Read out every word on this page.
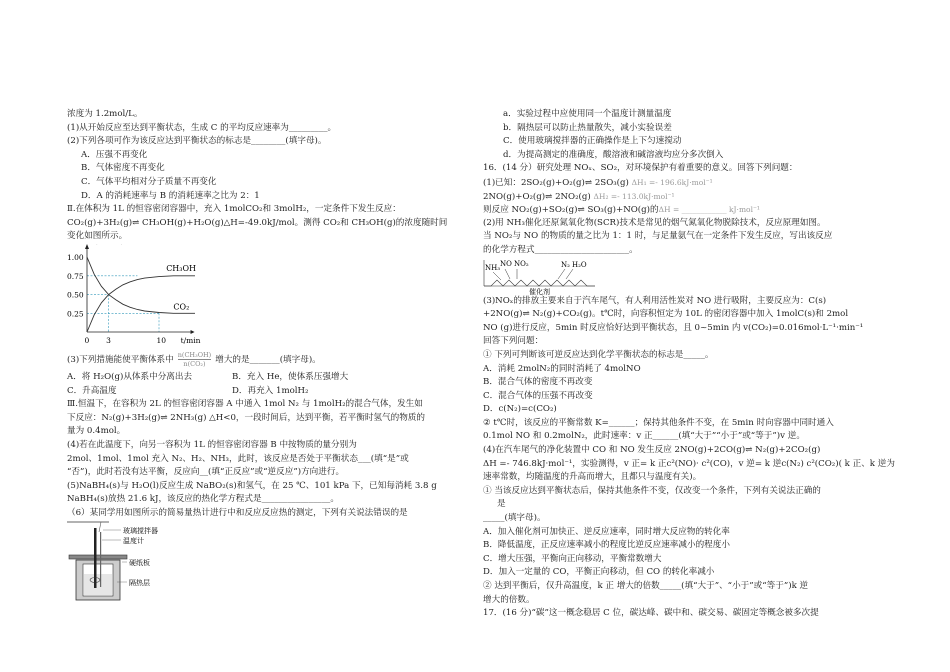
浓度为 1.2mol/L。
(1)从开始反应至达到平衡状态，生成 C 的平均反应速率为_________。
(2)下列各项可作为该反应达到平衡状态的标志是________(填字母)。
A．压强不再变化
B．气体密度不再变化
C．气体平均相对分子质量不再变化
D．A 的消耗速率与 B 的消耗速率之比为 2：1
Ⅱ.在体积为 1L 的恒容密闭容器中，充入 1molCO₂和 3molH₂，一定条件下发生反应：
CO₂(g)+3H₂(g)⇌ CH₃OH(g)+H₂O(g)△H=-49.0kJ/mol。测得 CO₂和 CH₃OH(g)的浓度随时间
变化如图所示。
1.00
0.75
0.50
0.25
0 3	10 t/min
CH₃OH
CO₂
(3)下列措施能使平衡体系中 $\frac{\text{n(CH₃OH)}}{\text{n(CO₂)}}$ 增大的是_______(填字母)。
A．将 H₂O(g)从体系中分离出去	B．充入 He，使体系压强增大
C．升高温度	D．再充入 1molH₂
Ⅲ.恒温下，在容积为 2L 的恒容密闭容器 A 中通入 1mol N₂ 与 1molH₂的混合气体，发生如
下反应：N₂(g)+3H₂(g)⇌ 2NH₃(g) △H<0，一段时间后，达到平衡，若平衡时氢气的物质的
量为 0.4mol。
(4)若在此温度下，向另一容积为 1L 的恒容密闭容器 B 中按物质的量分别为
2mol、1mol、1mol 充入 N₂、H₂、NH₃，此时，该反应是否处于平衡状态___(填“是”或
“否”)，此时若没有达平衡，反应向__(填“正反应”或“逆反应”)方向进行。
(5)NaBH₄(s)与 H₂O(l)反应生成 NaBO₂(s)和氢气，在 25 ℃、101 kPa 下，已知每消耗 3.8 g
NaBH₄(s)放热 21.6 kJ，该反应的热化学方程式是________________。
（6）某同学用如图所示的简易量热计进行中和反应反应热的测定，下列有关说法错误的是
玻璃搅拌器
温度计
硬纸板
隔热层
a．实验过程中应使用同一个温度计测量温度
b．隔热层可以防止热量散失，减小实验误差
C．使用玻璃搅拌器的正确操作是上下匀速搅动
d．为提高测定的准确度，酸溶液和碱溶液均应分多次倒入
16．(14 分）研究处理 NOₓ、SO₂，对环境保护有着重要的意义。回答下列问题：
(1)已知：2SO₂(g)+O₂(g)⇌ 2SO₃(g) ΔH₁ =- 196.6kJ·mol⁻¹
2NO(g)+O₂(g)⇌ 2NO₂(g) ΔH₂ =- 113.0kJ·mol⁻¹
则反应 NO₂(g)+SO₂(g)⇌ SO₃(g)+NO(g)的ΔH = ____________ kJ·mol⁻¹
(2)用 NH₃催化还原氮氧化物(SCR)技术是常见的烟气氮氧化物脱除技术，反应原理如图。
当 NO₂与 NO 的物质的量之比为 1：1 时，与足量氨气在一定条件下发生反应，写出该反应
的化学方程式______________________。
NH₃ NO NO₂	N₂ H₂O
催化剂
(3)NOₓ的排放主要来自于汽车尾气，有人利用活性炭对 NO 进行吸附，主要反应为：C(s)
+2NO(g)⇌ N₂(g)+CO₂(g)。t℃时，向容积恒定为 10L 的密闭容器中加入 1molC(s)和 2mol
NO (g)进行反应，5min 时反应恰好达到平衡状态，且 0~5min 内 v(CO₂)=0.016mol·L⁻¹·min⁻¹
回答下列问题：
① 下列可判断该可逆反应达到化学平衡状态的标志是_____。
A．消耗 2molN₂的同时消耗了 4molNO
B．混合气体的密度不再改变
C．混合气体的压强不再改变
D．c(N₂)=c(CO₂)
② t℃时，该反应的平衡常数 K=______；保持其他条件不变，在 5min 时向容器中同时通入
0.1mol NO 和 0.2molN₂，此时速率：v 正______(填“大于”“小于”或“等于”)v 逆。
(4)在汽车尾气的净化装置中 CO 和 NO 发生反应 2NO(g)+2CO(g)⇌ N₂(g)+2CO₂(g)
ΔH =- 746.8kJ·mol⁻¹，实验测得，v 正= k 正c²(NO)· c²(CO)，v 逆= k 逆c(N₂) c²(CO₂)( k 正、k 逆为
速率常数，均随温度的升高而增大，且都只与温度有关)。
① 当该反应达到平衡状态后，保持其他条件不变，仅改变一个条件，下列有关说法正确的
是
_____(填字母)。
A．加入催化剂可加快正、逆反应速率，同时增大反应物的转化率
B．降低温度，正反应速率减小的程度比逆反应速率减小的程度小
C．增大压强，平衡向正向移动，平衡常数增大
D．加入一定量的 CO，平衡正向移动，但 CO 的转化率减小
② 达到平衡后，仅升高温度，k 正 增大的倍数_____(填“大于”、“小于”或“等于”)k 逆
增大的倍数。
17．(16 分)“碳”这一概念稳居 C 位，碳达峰、碳中和、碳交易、碳固定等概念被多次提
